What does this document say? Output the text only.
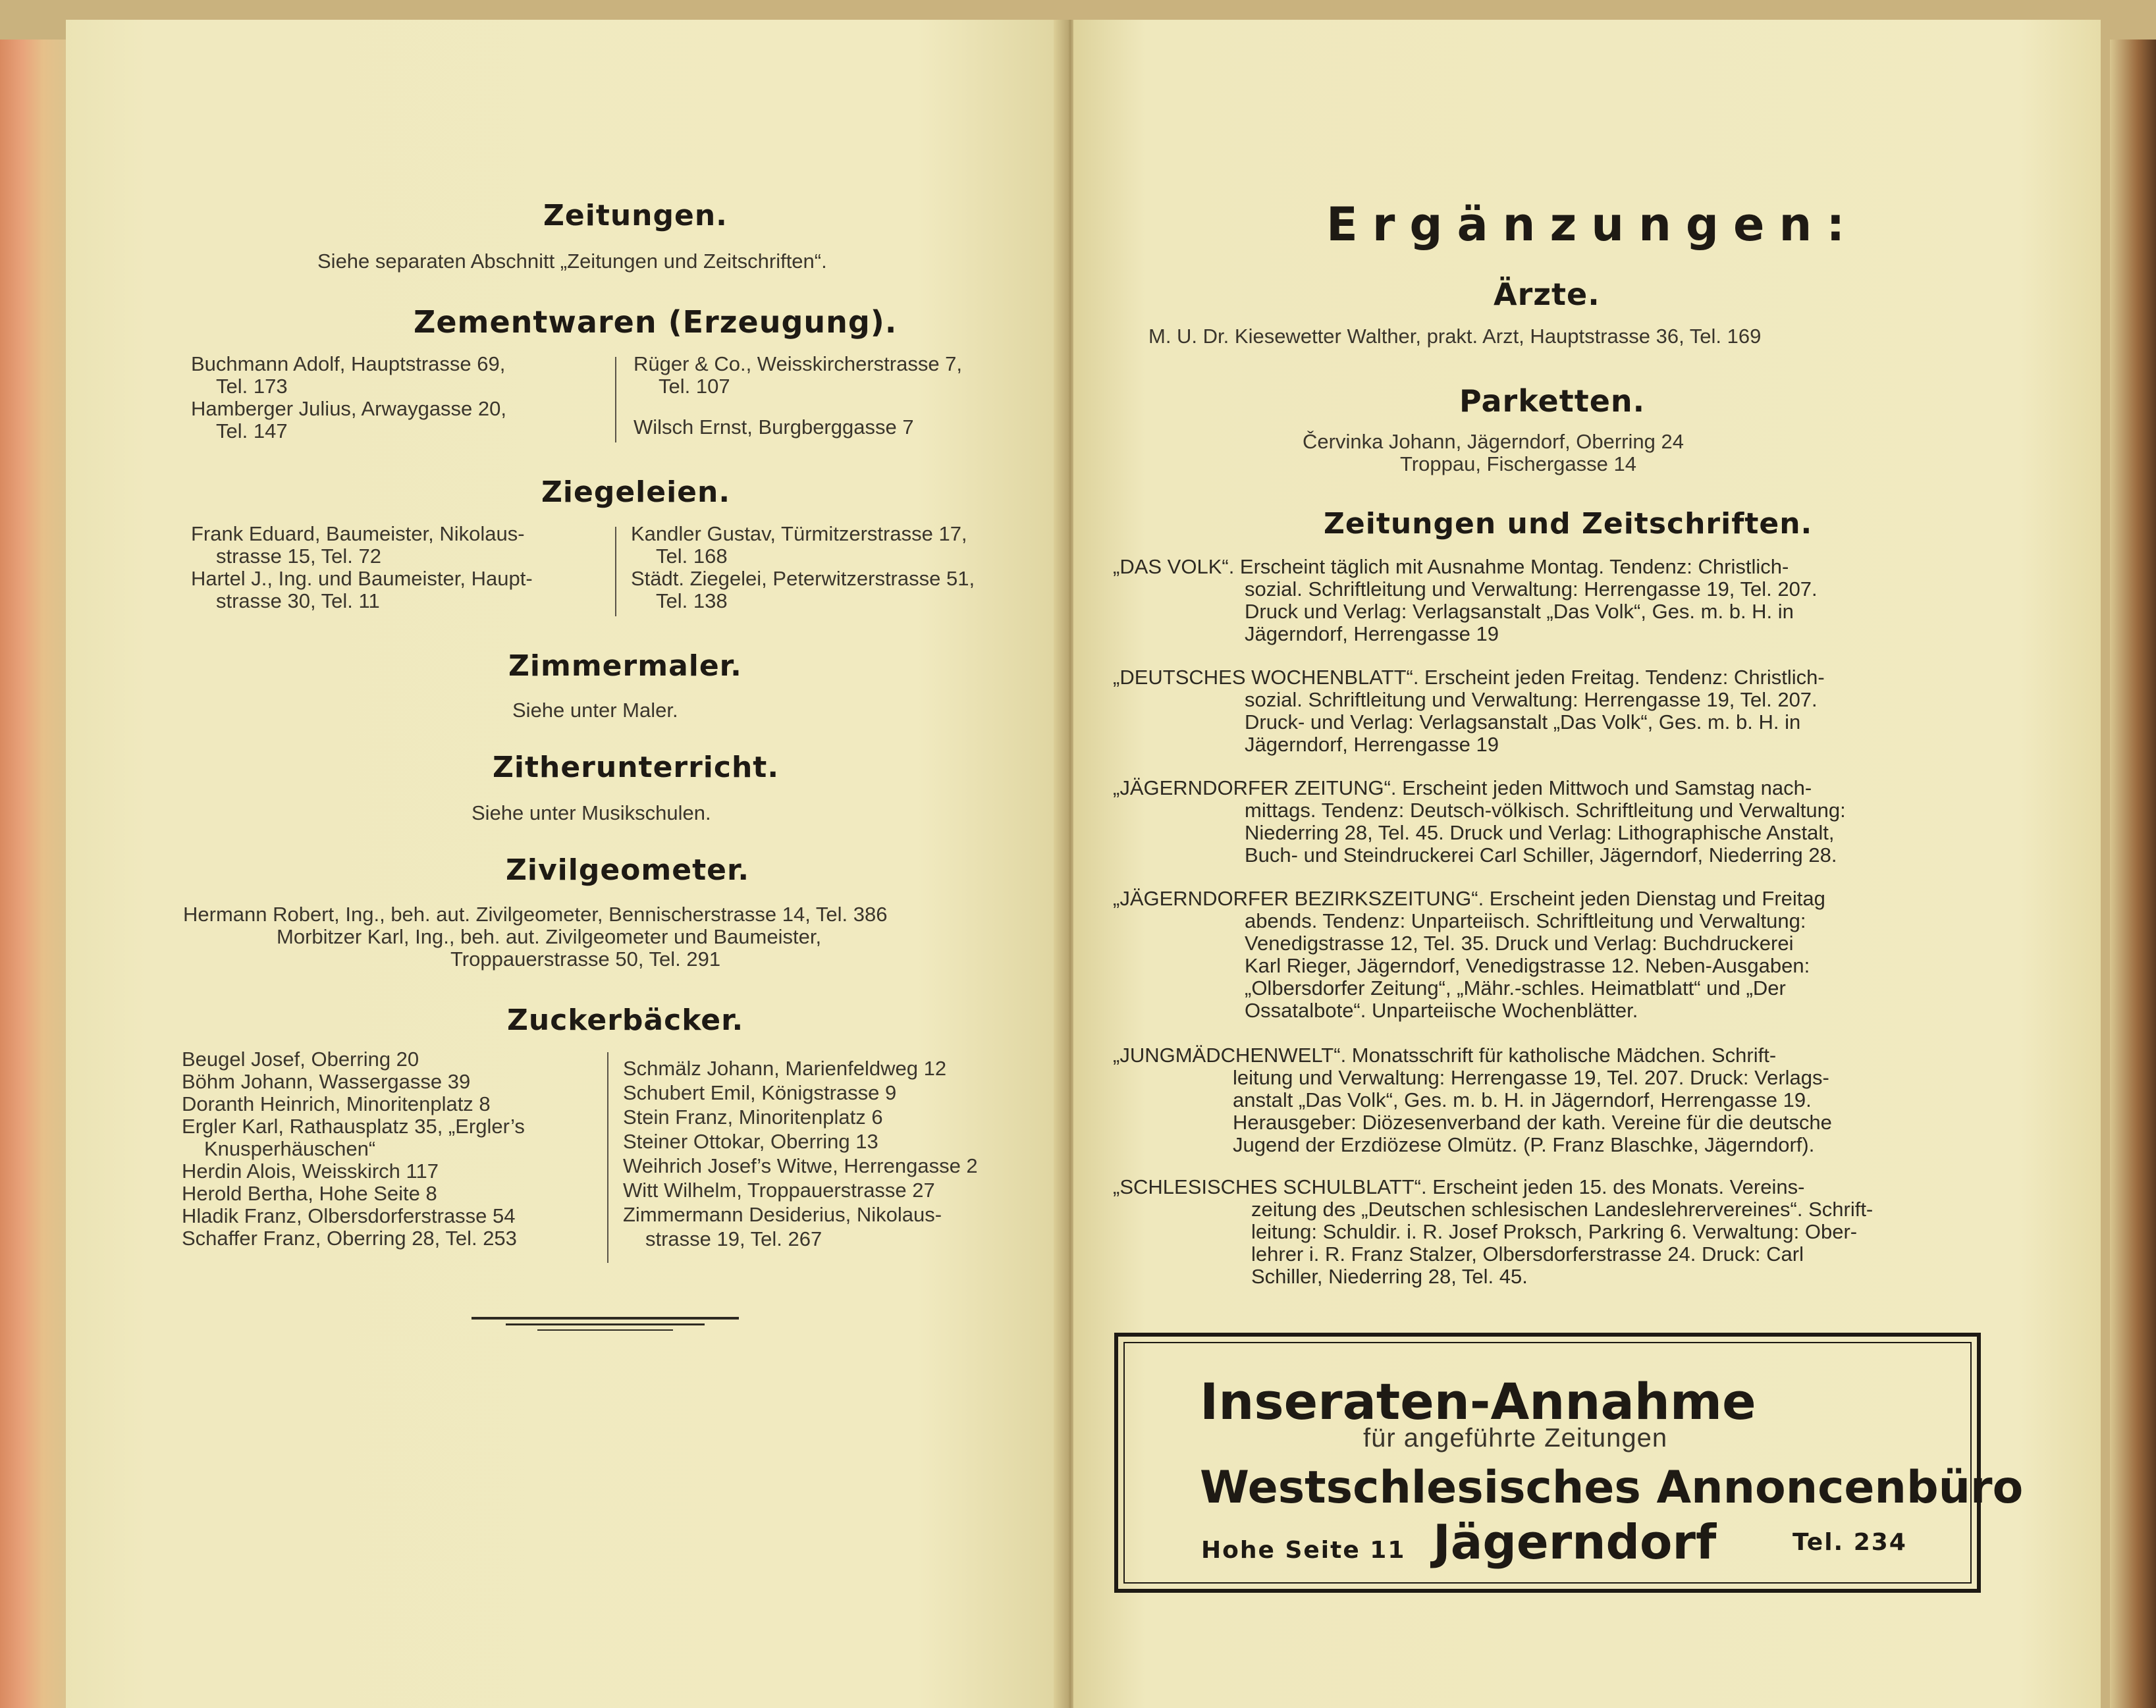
Zeitungen.
Siehe separaten Abschnitt „Zeitungen und Zeitschriften“.
Zementwaren (Erzeugung).
Buchmann Adolf, Hauptstrasse 69,
Tel. 173
Hamberger Julius, Arwaygasse 20,
Tel. 147
Rüger & Co., Weisskircherstrasse 7,
Tel. 107
Wilsch Ernst, Burgberggasse 7
Ziegeleien.
Frank Eduard, Baumeister, Nikolaus-
strasse 15, Tel. 72
Hartel J., Ing. und Baumeister, Haupt-
strasse 30, Tel. 11
Kandler Gustav, Türmitzerstrasse 17,
Tel. 168
Städt. Ziegelei, Peterwitzerstrasse 51,
Tel. 138
Zimmermaler.
Siehe unter Maler.
Zitherunterricht.
Siehe unter Musikschulen.
Zivilgeometer.
Hermann Robert, Ing., beh. aut. Zivilgeometer, Bennischerstrasse 14, Tel. 386
Morbitzer Karl, Ing., beh. aut. Zivilgeometer und Baumeister,
Troppauerstrasse 50, Tel. 291
Zuckerbäcker.
Beugel Josef, Oberring 20
Böhm Johann, Wassergasse 39
Doranth Heinrich, Minoritenplatz 8
Ergler Karl, Rathausplatz 35, „Ergler’s
Knusperhäuschen“
Herdin Alois, Weisskirch 117
Herold Bertha, Hohe Seite 8
Hladik Franz, Olbersdorferstrasse 54
Schaffer Franz, Oberring 28, Tel. 253
Schmälz Johann, Marienfeldweg 12
Schubert Emil, Königstrasse 9
Stein Franz, Minoritenplatz 6
Steiner Ottokar, Oberring 13
Weihrich Josef’s Witwe, Herrengasse 2
Witt Wilhelm, Troppauerstrasse 27
Zimmermann Desiderius, Nikolaus-
strasse 19, Tel. 267
Ergänzungen:
Ärzte.
M. U. Dr. Kiesewetter Walther, prakt. Arzt, Hauptstrasse 36, Tel. 169
Parketten.
Červinka Johann, Jägerndorf, Oberring 24
Troppau, Fischergasse 14
Zeitungen und Zeitschriften.
„DAS VOLK“. Erscheint täglich mit Ausnahme Montag. Tendenz: Christlich-
sozial. Schriftleitung und Verwaltung: Herrengasse 19, Tel. 207.
Druck und Verlag: Verlagsanstalt „Das Volk“, Ges. m. b. H. in
Jägerndorf, Herrengasse 19
„DEUTSCHES WOCHENBLATT“. Erscheint jeden Freitag. Tendenz: Christlich-
sozial. Schriftleitung und Verwaltung: Herrengasse 19, Tel. 207.
Druck- und Verlag: Verlagsanstalt „Das Volk“, Ges. m. b. H. in
Jägerndorf, Herrengasse 19
„JÄGERNDORFER ZEITUNG“. Erscheint jeden Mittwoch und Samstag nach-
mittags. Tendenz: Deutsch-völkisch. Schriftleitung und Verwaltung:
Niederring 28, Tel. 45. Druck und Verlag: Lithographische Anstalt,
Buch- und Steindruckerei Carl Schiller, Jägerndorf, Niederring 28.
„JÄGERNDORFER BEZIRKSZEITUNG“. Erscheint jeden Dienstag und Freitag
abends. Tendenz: Unparteiisch. Schriftleitung und Verwaltung:
Venedigstrasse 12, Tel. 35. Druck und Verlag: Buchdruckerei
Karl Rieger, Jägerndorf, Venedigstrasse 12. Neben-Ausgaben:
„Olbersdorfer Zeitung“, „Mähr.-schles. Heimatblatt“ und „Der
Ossatalbote“. Unparteiische Wochenblätter.
„JUNGMÄDCHENWELT“. Monatsschrift für katholische Mädchen. Schrift-
leitung und Verwaltung: Herrengasse 19, Tel. 207. Druck: Verlags-
anstalt „Das Volk“, Ges. m. b. H. in Jägerndorf, Herrengasse 19.
Herausgeber: Diözesenverband der kath. Vereine für die deutsche
Jugend der Erzdiözese Olmütz. (P. Franz Blaschke, Jägerndorf).
„SCHLESISCHES SCHULBLATT“. Erscheint jeden 15. des Monats. Vereins-
zeitung des „Deutschen schlesischen Landeslehrervereines“. Schrift-
leitung: Schuldir. i. R. Josef Proksch, Parkring 6. Verwaltung: Ober-
lehrer i. R. Franz Stalzer, Olbersdorferstrasse 24. Druck: Carl
Schiller, Niederring 28, Tel. 45.
Inseraten-Annahme
für angeführte Zeitungen
Westschlesisches Annoncenbüro
Hohe Seite 11 Jägerndorf	Tel. 234
